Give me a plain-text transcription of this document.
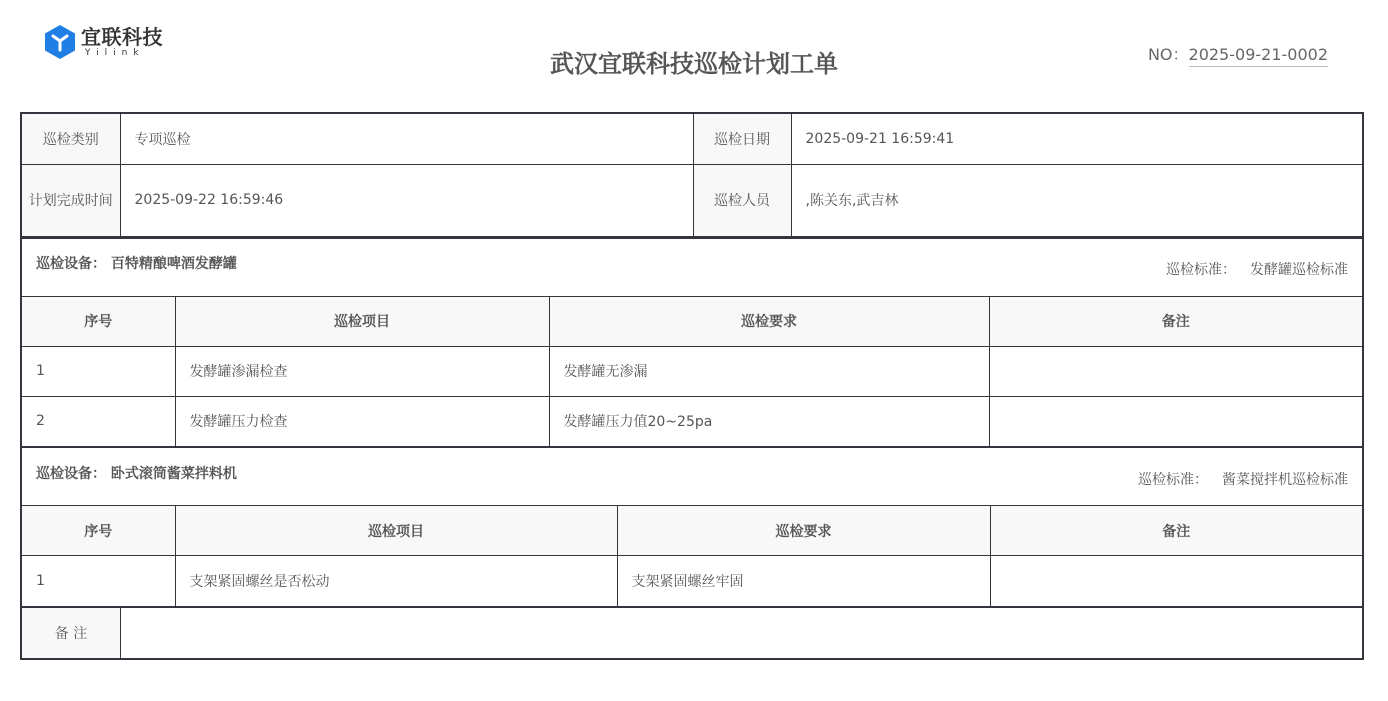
宜联科技
Yilink	武汉宜联科技巡检计划工单	NO：2025-09-21-0002
巡检类别	专项巡检	巡检日期	2025-09-21 16:59:41
计划完成时间	2025-09-22 16:59:46	巡检人员	,陈关东,武吉林
巡检设备： 百特精酿啤酒发酵罐	巡检标准： 发酵罐巡检标准
序号	巡检项目	巡检要求	备注
1	发酵罐渗漏检查	发酵罐无渗漏	
2	发酵罐压力检查	发酵罐压力值20~25pa	
巡检设备： 卧式滚筒酱菜拌料机	巡检标准： 酱菜搅拌机巡检标准
序号	巡检项目	巡检要求	备注
1	支架紧固螺丝是否松动	支架紧固螺丝牢固	
备 注
